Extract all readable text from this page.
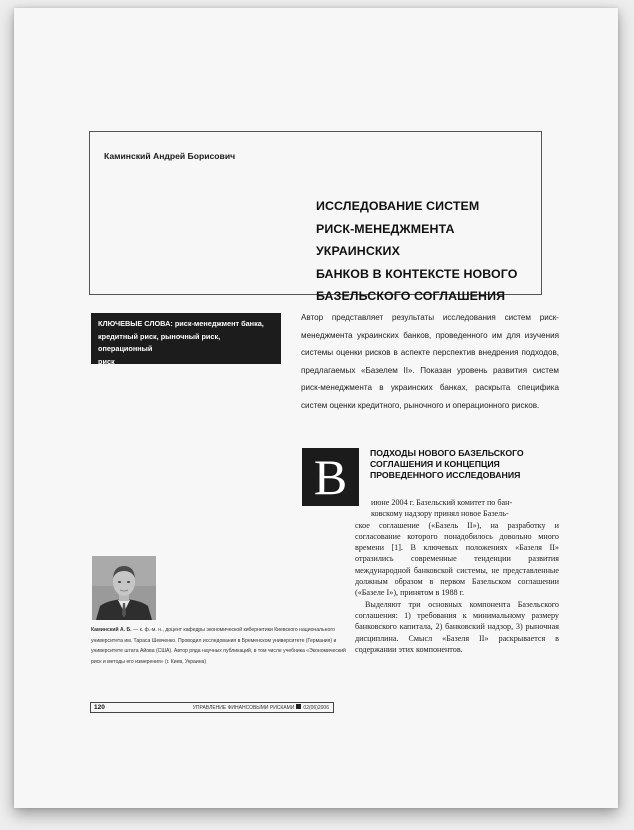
Каминский Андрей Борисович
ИССЛЕДОВАНИЕ СИСТЕМ
РИСК-МЕНЕДЖМЕНТА УКРАИНСКИХ
БАНКОВ В КОНТЕКСТЕ НОВОГО
БАЗЕЛЬСКОГО СОГЛАШЕНИЯ
КЛЮЧЕВЫЕ СЛОВА: риск-менеджмент банка,
кредитный риск, рыночный риск, операционный
риск
Автор представляет результаты исследования систем риск-менеджмента украинских банков, проведенного им для изучения системы оценки рисков в аспекте перспектив внедрения подходов, предлагаемых «Базелем II». Показан уровень развития систем риск-менеджмента в украинских банках, раскрыта специфика систем оценки кредитного, рыночного и операционного рисков.
В	ПОДХОДЫ НОВОГО БАЗЕЛЬСКОГО
СОГЛАШЕНИЯ И КОНЦЕПЦИЯ
ПРОВЕДЕННОГО ИССЛЕДОВАНИЯ

июне 2004 г. Базельский комитет по бан-

ковскому надзору принял новое Базель-

ское соглашение («Базель II»), на разработку и согласование которого понадобилось довольно много времени [1]. В ключевых положениях «Базеля II» отразились современные тенденции развития международной банковской системы, не представленные должным образом в первом Базельском соглашении («Базеле I»), принятом в 1988 г.

Выделяют три основных компонента Базельского соглашения: 1) требования к минимальному размеру банковского капитала, 2) банковский надзор, 3) рыночная дисциплина. Смысл «Базеля II» раскрывается в содержании этих компонентов.

Каминский А. Б. — к. ф.-м. н., доцент кафедры экономической кибернетики Киевского национального университета им. Тараса Шевченко. Проводил исследования в Бременском университете (Германия) и университете штата Айова (США). Автор ряда научных публикаций, в том числе учебника «Экономический риск и методы его измерения» (г. Киев, Украина)
120	УПРАВЛЕНИЕ ФИНАНСОВЫМИ РИСКАМИ 02(06)2006
